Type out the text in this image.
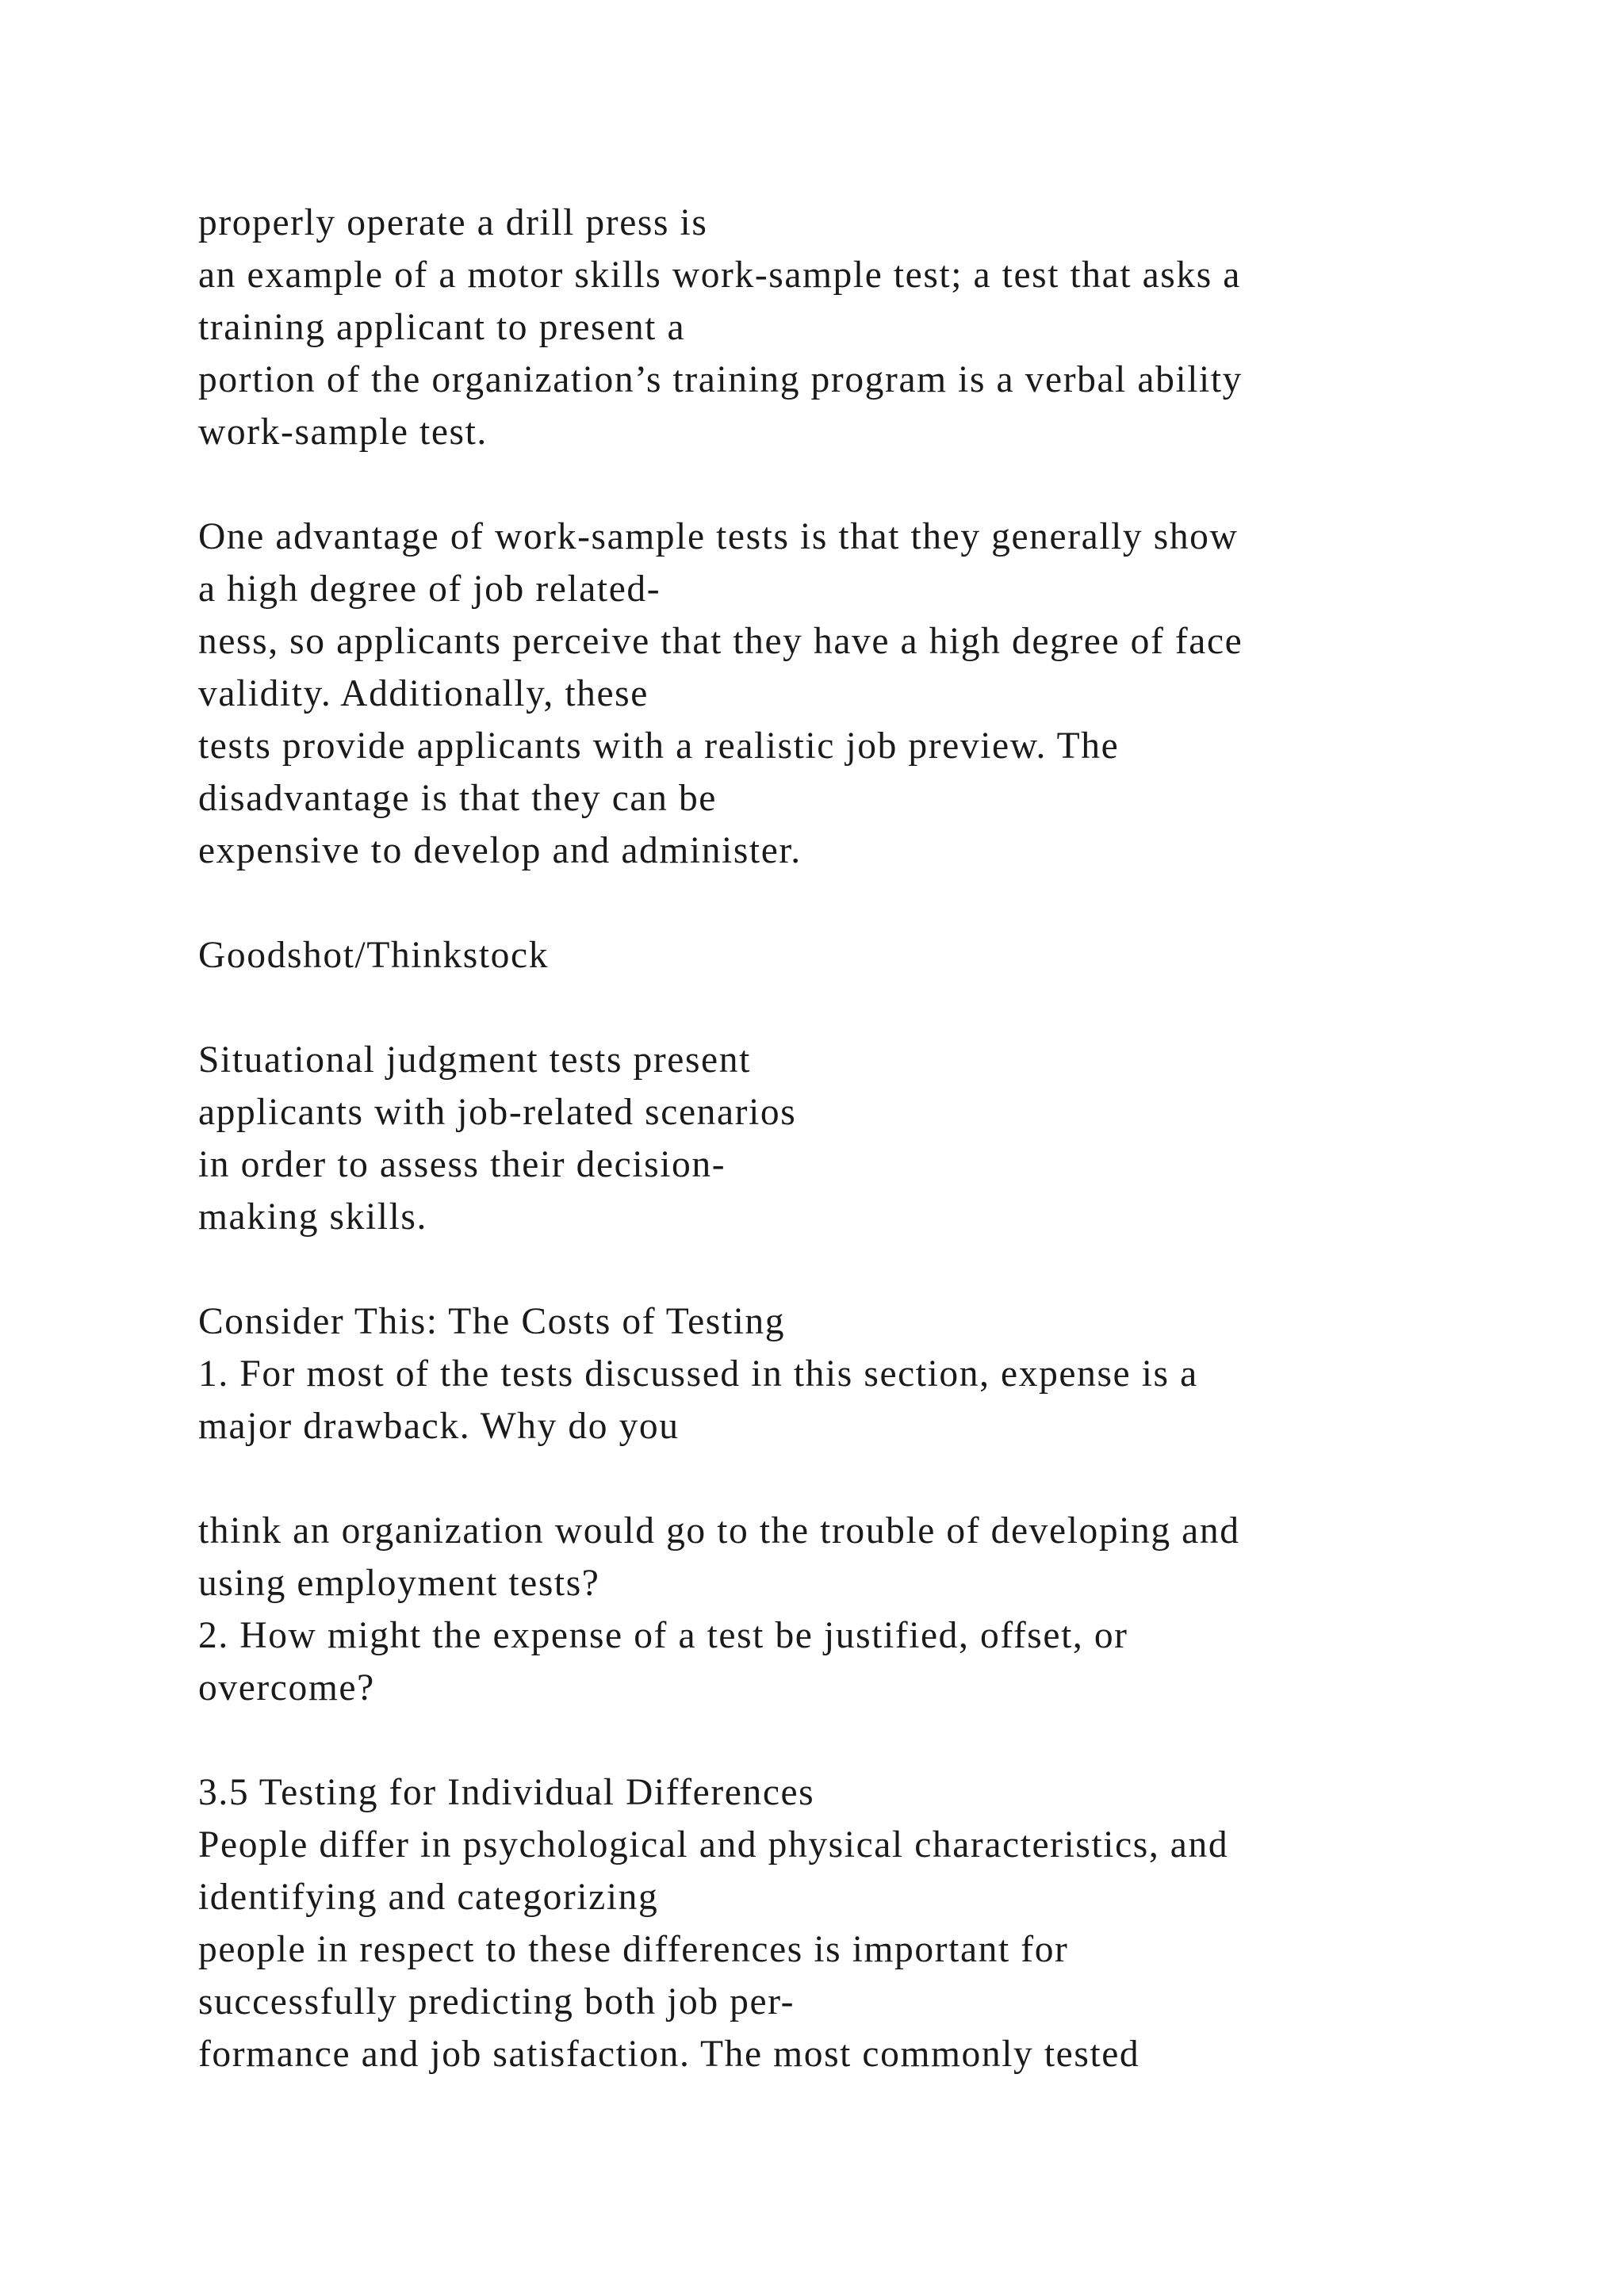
properly operate a drill press is
an example of a motor skills work-sample test; a test that asks a
training applicant to present a
portion of the organization’s training program is a verbal ability
work-sample test.
One advantage of work-sample tests is that they generally show
a high degree of job related-
ness, so applicants perceive that they have a high degree of face
validity. Additionally, these
tests provide applicants with a realistic job preview. The
disadvantage is that they can be
expensive to develop and administer.
Goodshot/Thinkstock
Situational judgment tests present
applicants with job-related scenarios
in order to assess their decision-
making skills.
Consider This: The Costs of Testing
1. For most of the tests discussed in this section, expense is a
major drawback. Why do you
think an organization would go to the trouble of developing and
using employment tests?
2. How might the expense of a test be justified, offset, or
overcome?
3.5 Testing for Individual Differences
People differ in psychological and physical characteristics, and
identifying and categorizing
people in respect to these differences is important for
successfully predicting both job per-
formance and job satisfaction. The most commonly tested
